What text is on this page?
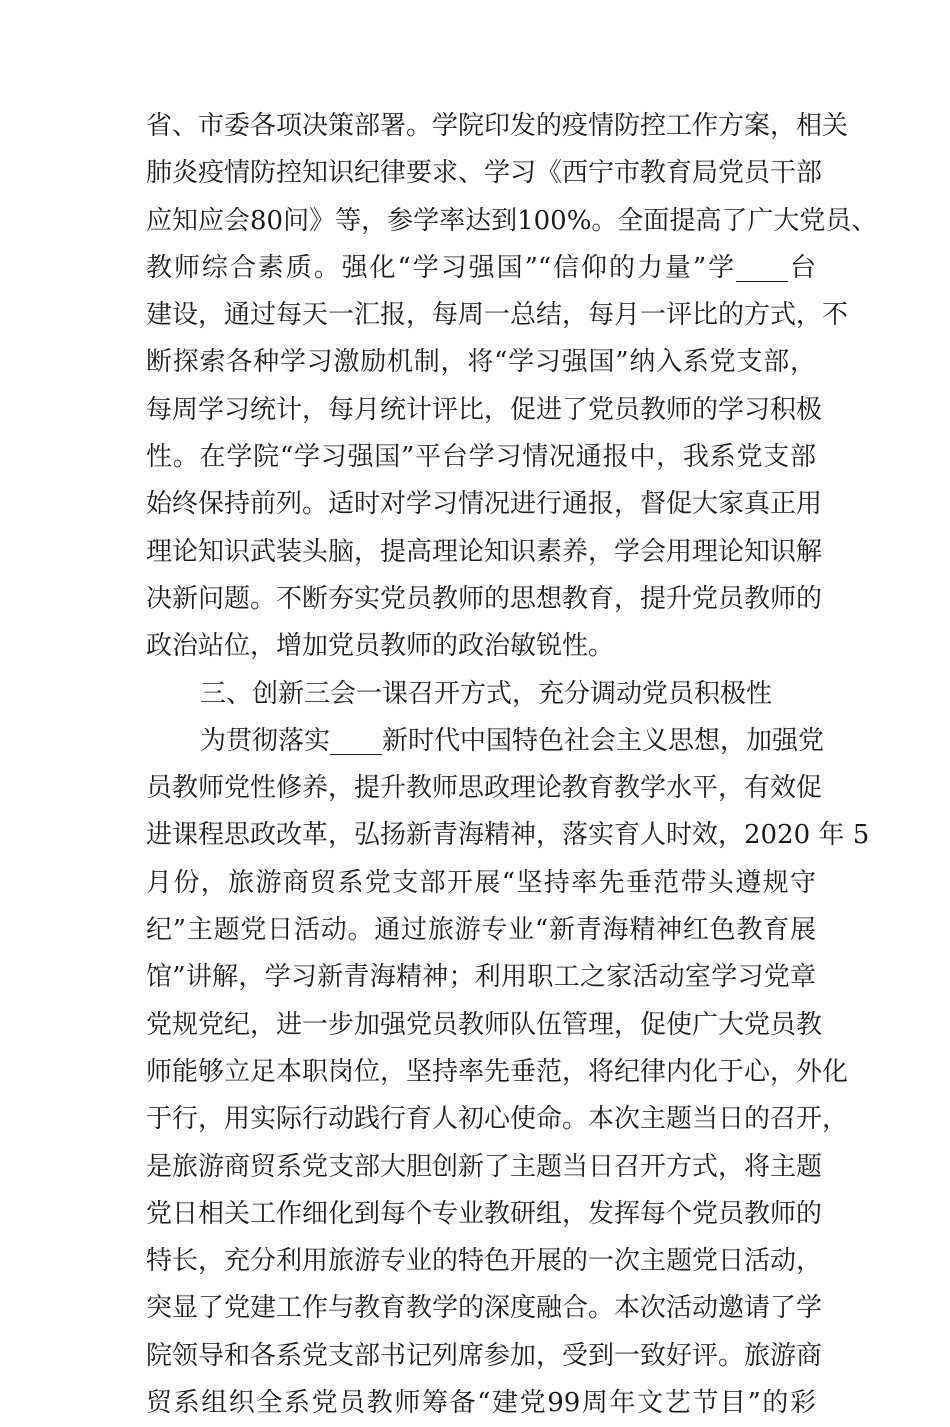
省、市委各项决策部署。学院印发的疫情防控工作方案，相关
肺炎疫情防控知识纪律要求、学习《西宁市教育局党员干部
应知应会80问》等，参学率达到100%。全面提高了广大党员、
教师综合素质。强化“学习强国”“信仰的力量”学____台
建设，通过每天一汇报，每周一总结，每月一评比的方式，不
断探索各种学习激励机制，将“学习强国”纳入系党支部，
每周学习统计，每月统计评比，促进了党员教师的学习积极
性。在学院“学习强国”平台学习情况通报中，我系党支部
始终保持前列。适时对学习情况进行通报，督促大家真正用
理论知识武装头脑，提高理论知识素养，学会用理论知识解
决新问题。不断夯实党员教师的思想教育，提升党员教师的
政治站位，增加党员教师的政治敏锐性。
三、创新三会一课召开方式，充分调动党员积极性
为贯彻落实____新时代中国特色社会主义思想，加强党
员教师党性修养，提升教师思政理论教育教学水平，有效促
进课程思政改革，弘扬新青海精神，落实育人时效，2020 年 5
月份，旅游商贸系党支部开展“坚持率先垂范带头遵规守
纪”主题党日活动。通过旅游专业“新青海精神红色教育展
馆”讲解，学习新青海精神；利用职工之家活动室学习党章
党规党纪，进一步加强党员教师队伍管理，促使广大党员教
师能够立足本职岗位，坚持率先垂范，将纪律内化于心，外化
于行，用实际行动践行育人初心使命。本次主题当日的召开，
是旅游商贸系党支部大胆创新了主题当日召开方式，将主题
党日相关工作细化到每个专业教研组，发挥每个党员教师的
特长，充分利用旅游专业的特色开展的一次主题党日活动，
突显了党建工作与教育教学的深度融合。本次活动邀请了学
院领导和各系党支部书记列席参加，受到一致好评。旅游商
贸系组织全系党员教师筹备“建党99周年文艺节目”的彩
